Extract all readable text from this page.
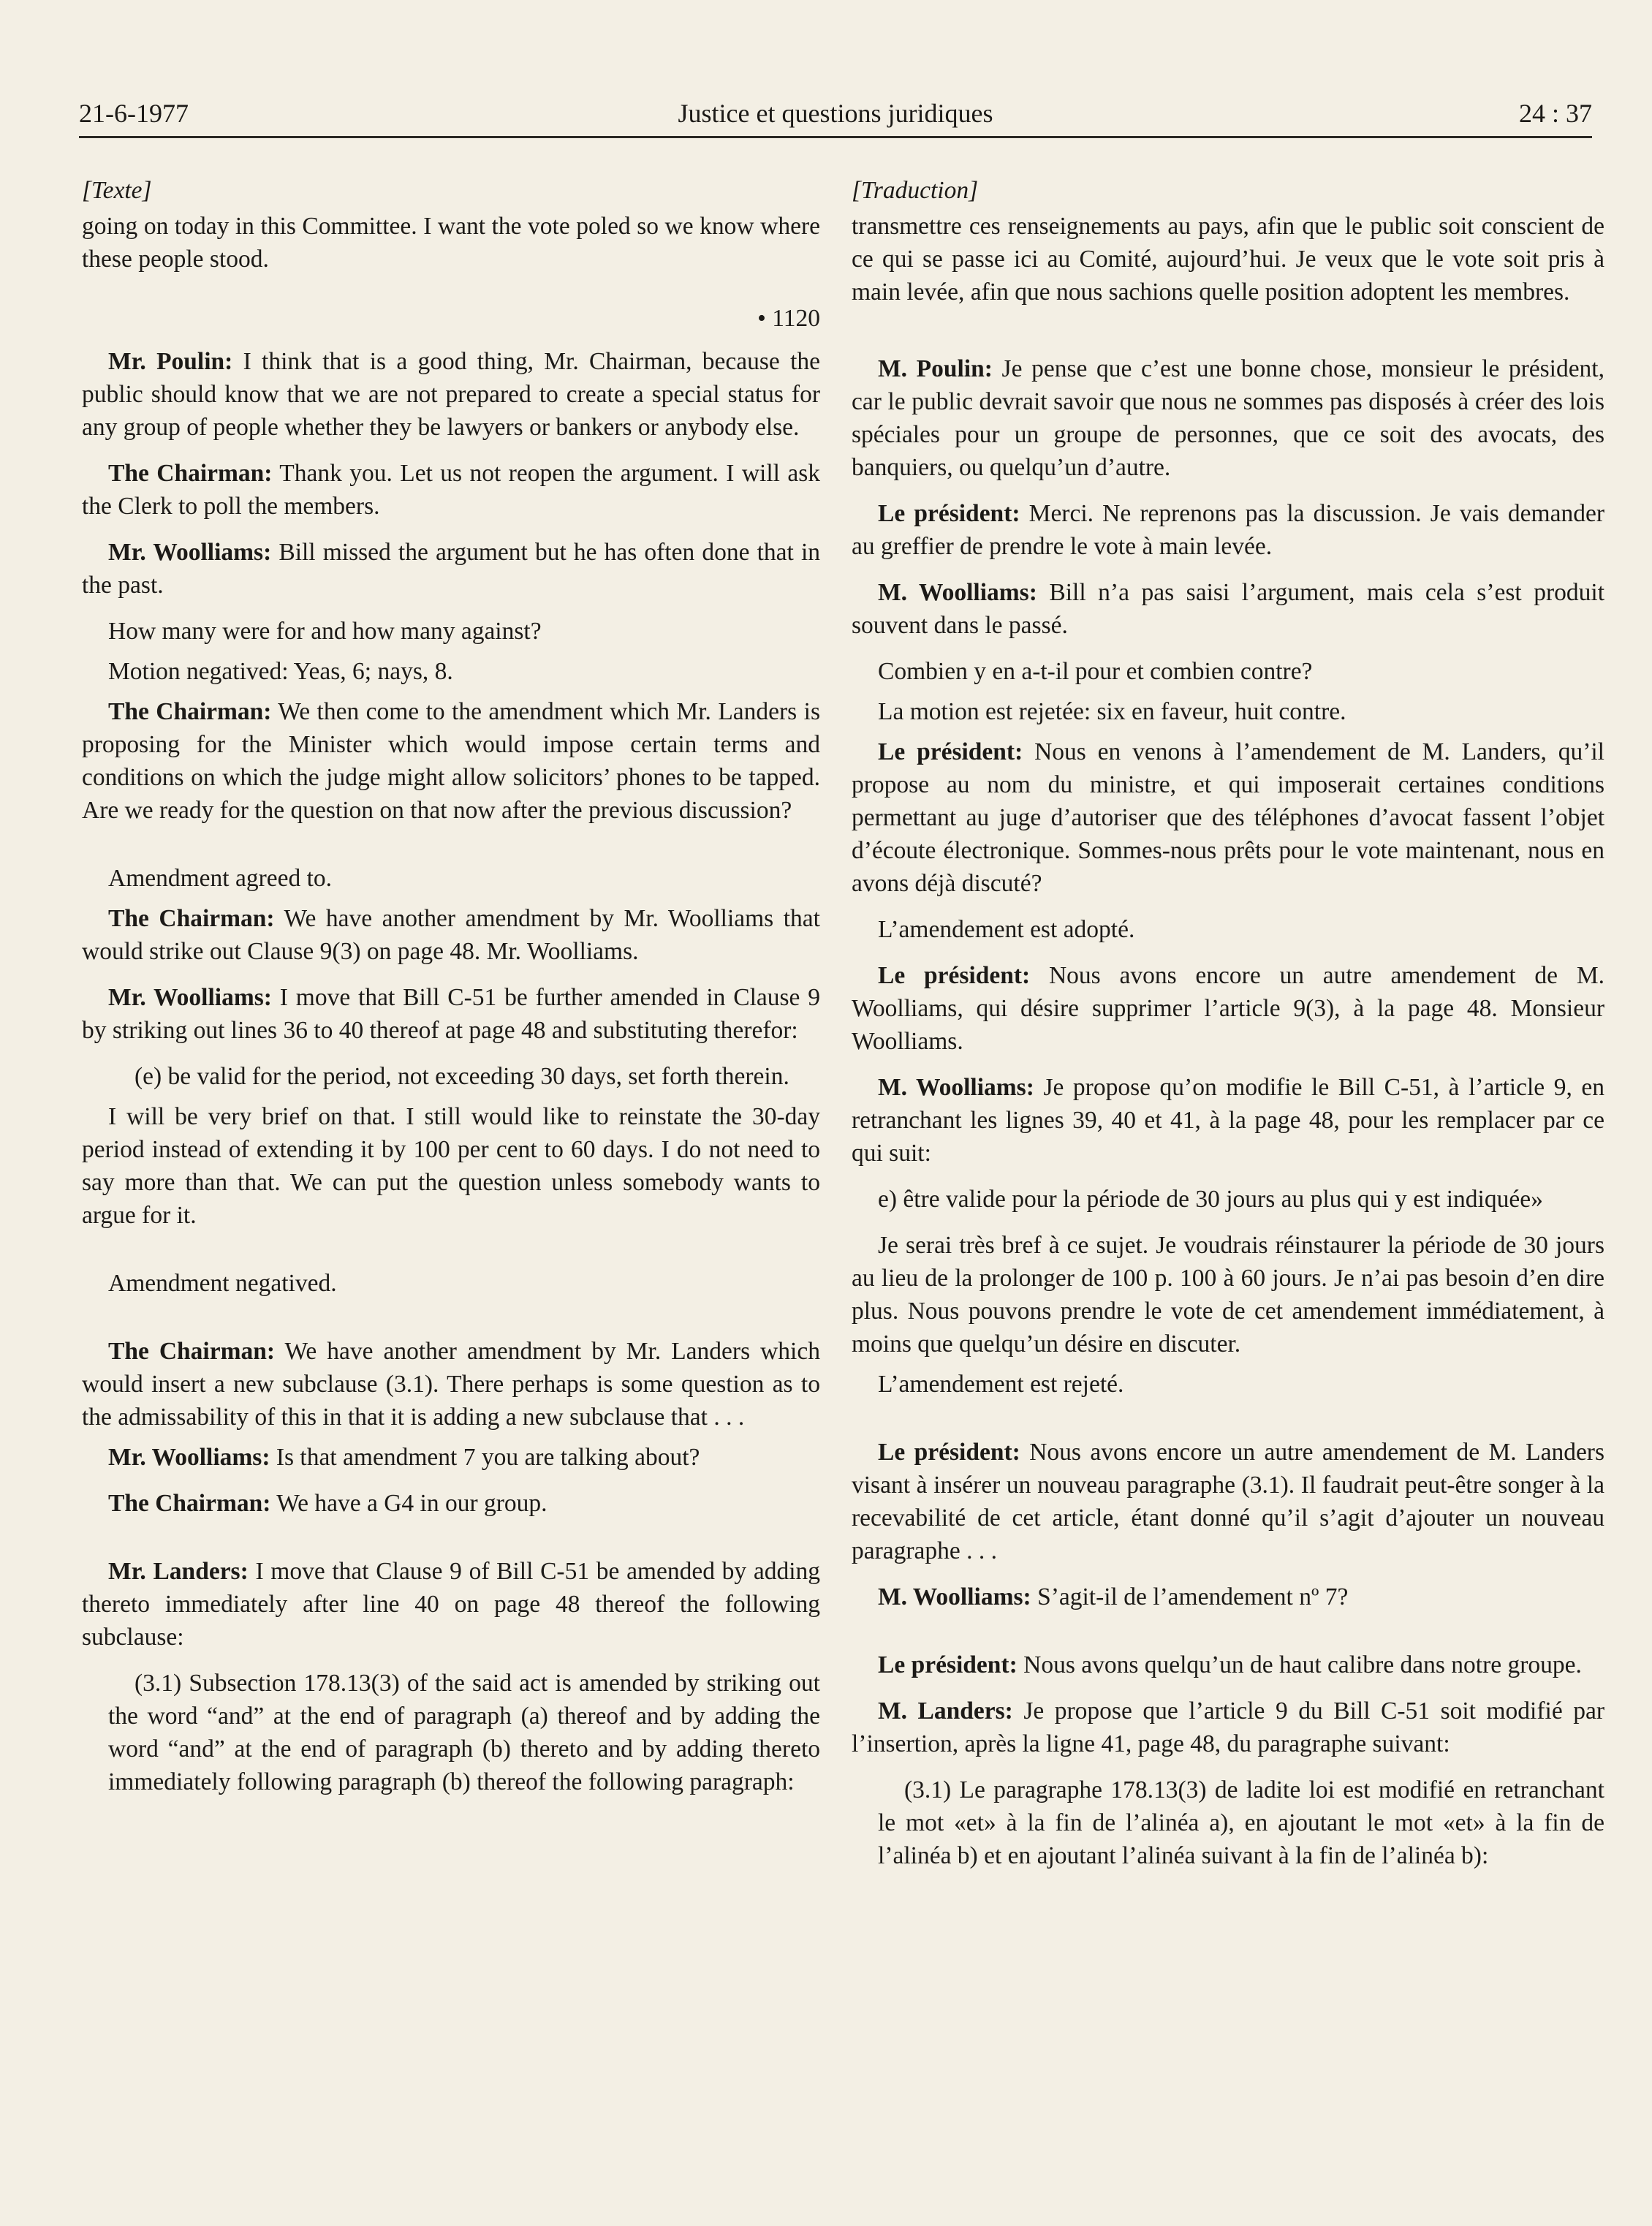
21-6-1977	Justice et questions juridiques	24 : 37

[Texte]

going on today in this Committee. I want the vote poled so we know where these people stood.

• 1120

Mr. Poulin: I think that is a good thing, Mr. Chairman, because the public should know that we are not prepared to create a special status for any group of people whether they be lawyers or bankers or anybody else.

The Chairman: Thank you. Let us not reopen the argument. I will ask the Clerk to poll the members.

Mr. Woolliams: Bill missed the argument but he has often done that in the past.

How many were for and how many against?

Motion negatived: Yeas, 6; nays, 8.

The Chairman: We then come to the amendment which Mr. Landers is proposing for the Minister which would impose certain terms and conditions on which the judge might allow solicitors’ phones to be tapped. Are we ready for the question on that now after the previous discussion?

Amendment agreed to.

The Chairman: We have another amendment by Mr. Woolliams that would strike out Clause 9(3) on page 48. Mr. Woolliams.

Mr. Woolliams: I move that Bill C-51 be further amended in Clause 9 by striking out lines 36 to 40 thereof at page 48 and substituting therefor:

(e) be valid for the period, not exceeding 30 days, set forth therein.

I will be very brief on that. I still would like to reinstate the 30-day period instead of extending it by 100 per cent to 60 days. I do not need to say more than that. We can put the question unless somebody wants to argue for it.

Amendment negatived.

The Chairman: We have another amendment by Mr. Landers which would insert a new subclause (3.1). There perhaps is some question as to the admissability of this in that it is adding a new subclause that . . .

Mr. Woolliams: Is that amendment 7 you are talking about?

The Chairman: We have a G4 in our group.

Mr. Landers: I move that Clause 9 of Bill C-51 be amended by adding thereto immediately after line 40 on page 48 thereof the following subclause:

(3.1) Subsection 178.13(3) of the said act is amended by striking out the word “and” at the end of paragraph (a) thereof and by adding the word “and” at the end of paragraph (b) thereto and by adding thereto immediately following paragraph (b) thereof the following paragraph:

[Traduction]

transmettre ces renseignements au pays, afin que le public soit conscient de ce qui se passe ici au Comité, aujourd’hui. Je veux que le vote soit pris à main levée, afin que nous sachions quelle position adoptent les membres.

M. Poulin: Je pense que c’est une bonne chose, monsieur le président, car le public devrait savoir que nous ne sommes pas disposés à créer des lois spéciales pour un groupe de personnes, que ce soit des avocats, des banquiers, ou quelqu’un d’autre.

Le président: Merci. Ne reprenons pas la discussion. Je vais demander au greffier de prendre le vote à main levée.

M. Woolliams: Bill n’a pas saisi l’argument, mais cela s’est produit souvent dans le passé.

Combien y en a-t-il pour et combien contre?

La motion est rejetée: six en faveur, huit contre.

Le président: Nous en venons à l’amendement de M. Landers, qu’il propose au nom du ministre, et qui imposerait certaines conditions permettant au juge d’autoriser que des téléphones d’avocat fassent l’objet d’écoute électronique. Sommes-nous prêts pour le vote maintenant, nous en avons déjà discuté?

L’amendement est adopté.

Le président: Nous avons encore un autre amendement de M. Woolliams, qui désire supprimer l’article 9(3), à la page 48. Monsieur Woolliams.

M. Woolliams: Je propose qu’on modifie le Bill C-51, à l’article 9, en retranchant les lignes 39, 40 et 41, à la page 48, pour les remplacer par ce qui suit:

e) être valide pour la période de 30 jours au plus qui y est indiquée»

Je serai très bref à ce sujet. Je voudrais réinstaurer la période de 30 jours au lieu de la prolonger de 100 p. 100 à 60 jours. Je n’ai pas besoin d’en dire plus. Nous pouvons prendre le vote de cet amendement immédiatement, à moins que quelqu’un désire en discuter.

L’amendement est rejeté.

Le président: Nous avons encore un autre amendement de M. Landers visant à insérer un nouveau paragraphe (3.1). Il faudrait peut-être songer à la recevabilité de cet article, étant donné qu’il s’agit d’ajouter un nouveau paragraphe . . .

M. Woolliams: S’agit-il de l’amendement nº 7?

Le président: Nous avons quelqu’un de haut calibre dans notre groupe.

M. Landers: Je propose que l’article 9 du Bill C-51 soit modifié par l’insertion, après la ligne 41, page 48, du paragraphe suivant:

(3.1) Le paragraphe 178.13(3) de ladite loi est modifié en retranchant le mot «et» à la fin de l’alinéa a), en ajoutant le mot «et» à la fin de l’alinéa b) et en ajoutant l’alinéa suivant à la fin de l’alinéa b):
